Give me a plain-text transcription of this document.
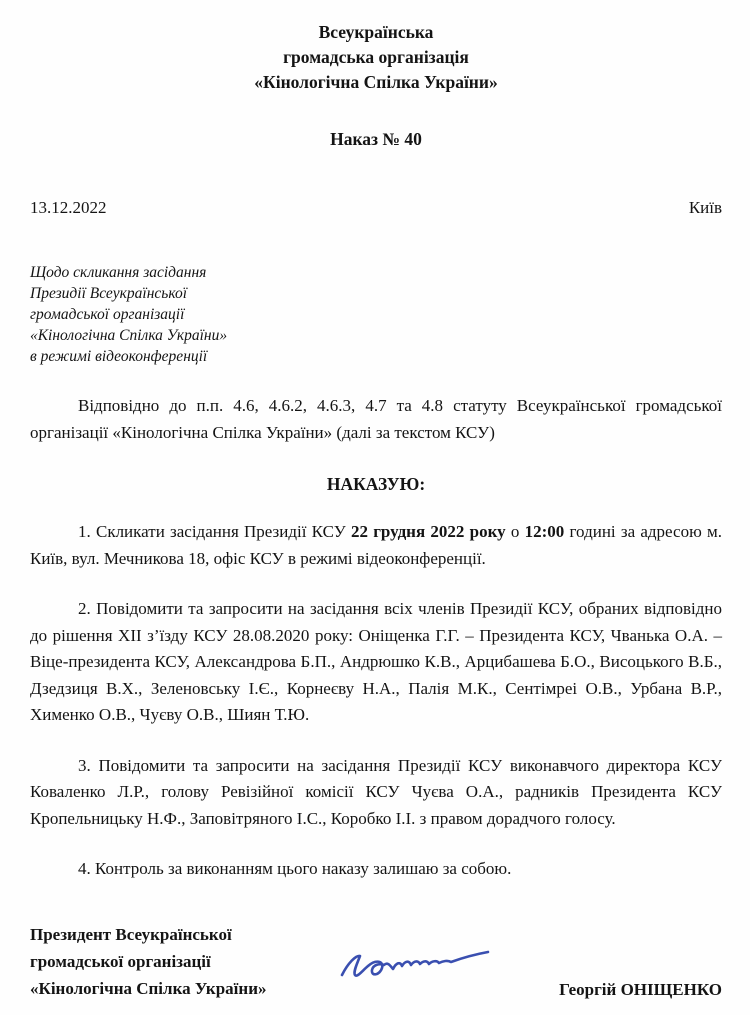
Всеукраїнська
громадська організація
«Кінологічна Спілка України»
Наказ № 40
13.12.2022	Київ
Щодо скликання засідання
Президії Всеукраїнської
громадської організації
«Кінологічна Спілка України»
в режимі відеоконференції

Відповідно до п.п. 4.6, 4.6.2, 4.6.3, 4.7 та 4.8 статуту Всеукраїнської громадської організації «Кінологічна Спілка України» (далі за текстом КСУ)

НАКАЗУЮ:

1. Скликати засідання Президії КСУ 22 грудня 2022 року о 12:00 годині за адресою м. Київ, вул. Мечникова 18, офіс КСУ в режимі відеоконференції.

2. Повідомити та запросити на засідання всіх членів Президії КСУ, обраних відповідно до рішення ХІІ з’їзду КСУ 28.08.2020 року: Оніщенка Г.Г. – Президента КСУ, Чванька О.А. – Віце-президента КСУ, Александрова Б.П., Андрюшко К.В., Арцибашева Б.О., Висоцького В.Б., Дзедзиця В.Х., Зеленовську І.Є., Корнеєву Н.А., Палія М.К., Сентімреі О.В., Урбана В.Р., Хименко О.В., Чуєву О.В., Шиян Т.Ю.

3. Повідомити та запросити на засідання Президії КСУ виконавчого директора КСУ Коваленко Л.Р., голову Ревізійної комісії КСУ Чуєва О.А., радників Президента КСУ Кропельницьку Н.Ф., Заповітряного І.С., Коробко І.І. з правом дорадчого голосу.

4. Контроль за виконанням цього наказу залишаю за собою.

Президент Всеукраїнської
громадської організації
«Кінологічна Спілка України»	Георгій ОНІЩЕНКО
